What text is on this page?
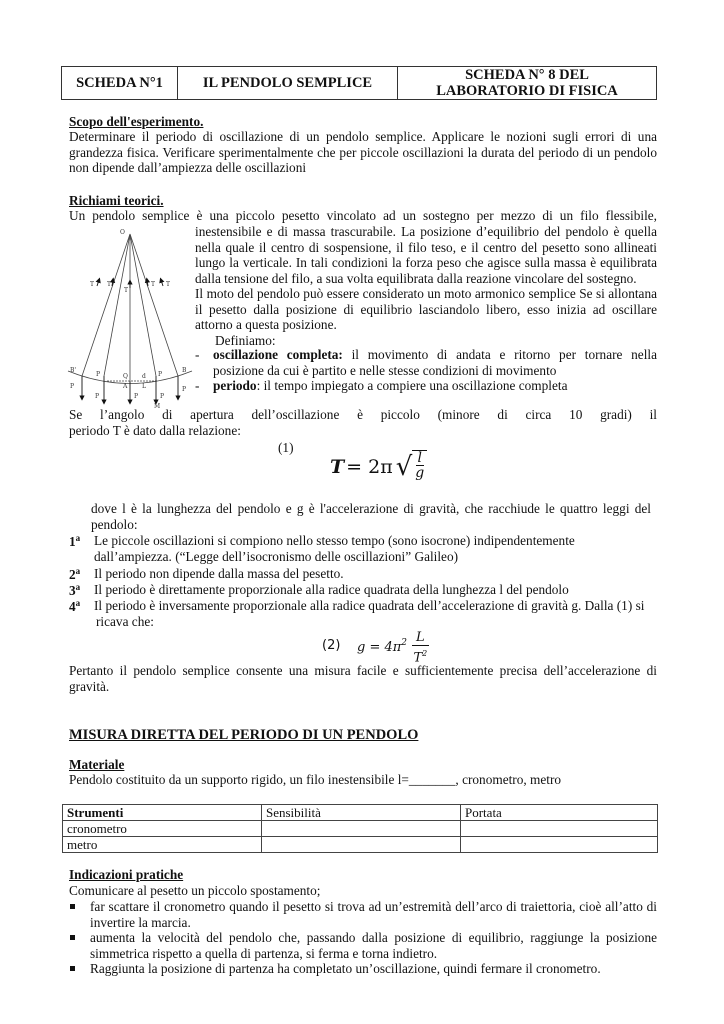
SCHEDA N°1	IL PENDOLO SEMPLICE	SCHEDA N° 8 DEL
LABORATORIO DI FISICA
Scopo dell'esperimento.
Determinare il periodo di oscillazione di un pendolo semplice. Applicare le nozioni sugli errori di una grandezza fisica. Verificare sperimentalmente che per piccole oscillazioni la durata del periodo di un pendolo non dipende dall’ampiezza delle oscillazioni
Richiami teorici.
Un pendolo semplice è una piccolo pesetto vincolato ad un sostegno per mezzo di un filo flessibile,
inestensibile e di massa trascurabile. La posizione d’equilibrio del pendolo è quella nella quale il centro di sospensione, il filo teso, e il centro del pesetto sono allineati lungo la verticale. In tali condizioni la forza peso che agisce sulla massa è equilibrata dalla tensione del filo, a sua volta equilibrata dalla reazione vincolare del sostegno.
Il moto del pendolo può essere considerato un moto armonico semplice Se si allontana il pesetto dalla posizione di equilibrio lasciandolo libero, esso inizia ad oscillare attorno a questa posizione.
Definiamo:
- oscillazione completa: il movimento di andata e ritorno per tornare nella posizione da cui è partito e nelle stesse condizioni di movimento
- periodo: il tempo impiegato a compiere una oscillazione completa
O
T T
T
T T
B'	B
P	P
Q
A
d
L
P
P	P	P
P
M
Se l’angolo di apertura dell’oscillazione è piccolo (minore di circa 10 gradi) il
periodo T è dato dalla relazione:
(1)
T = 2π √ $\frac{l}{g}$
dove l è la lunghezza del pendolo e g è l'accelerazione di gravità, che racchiude le quattro leggi del pendolo:
1$^a$ Le piccole oscillazioni si compiono nello stesso tempo (sono isocrone) indipendentemente
dall’ampiezza. (“Legge dell’isocronismo delle oscillazioni” Galileo)
2$^a$ Il periodo non dipende dalla massa del pesetto.
3$^a$ Il periodo è direttamente proporzionale alla radice quadrata della lunghezza l del pendolo
4$^a$ Il periodo è inversamente proporzionale alla radice quadrata dell’accelerazione di gravità g. Dalla (1) si
ricava che:
(2) g = 4π $2 \frac{L}{T^2}$
Pertanto il pendolo semplice consente una misura facile e sufficientemente precisa dell’accelerazione di gravità.
MISURA DIRETTA DEL PERIODO DI UN PENDOLO
Materiale
Pendolo costituito da un supporto rigido, un filo inestensibile l=_______, cronometro, metro
Strumenti	Sensibilità	Portata
cronometro		
metro		
Indicazioni pratiche
Comunicare al pesetto un piccolo spostamento;
far scattare il cronometro quando il pesetto si trova ad un’estremità dell’arco di traiettoria, cioè all’atto di invertire la marcia.
aumenta la velocità del pendolo che, passando dalla posizione di equilibrio, raggiunge la posizione simmetrica rispetto a quella di partenza, si ferma e torna indietro.
Raggiunta la posizione di partenza ha completato un’oscillazione, quindi fermare il cronometro.
